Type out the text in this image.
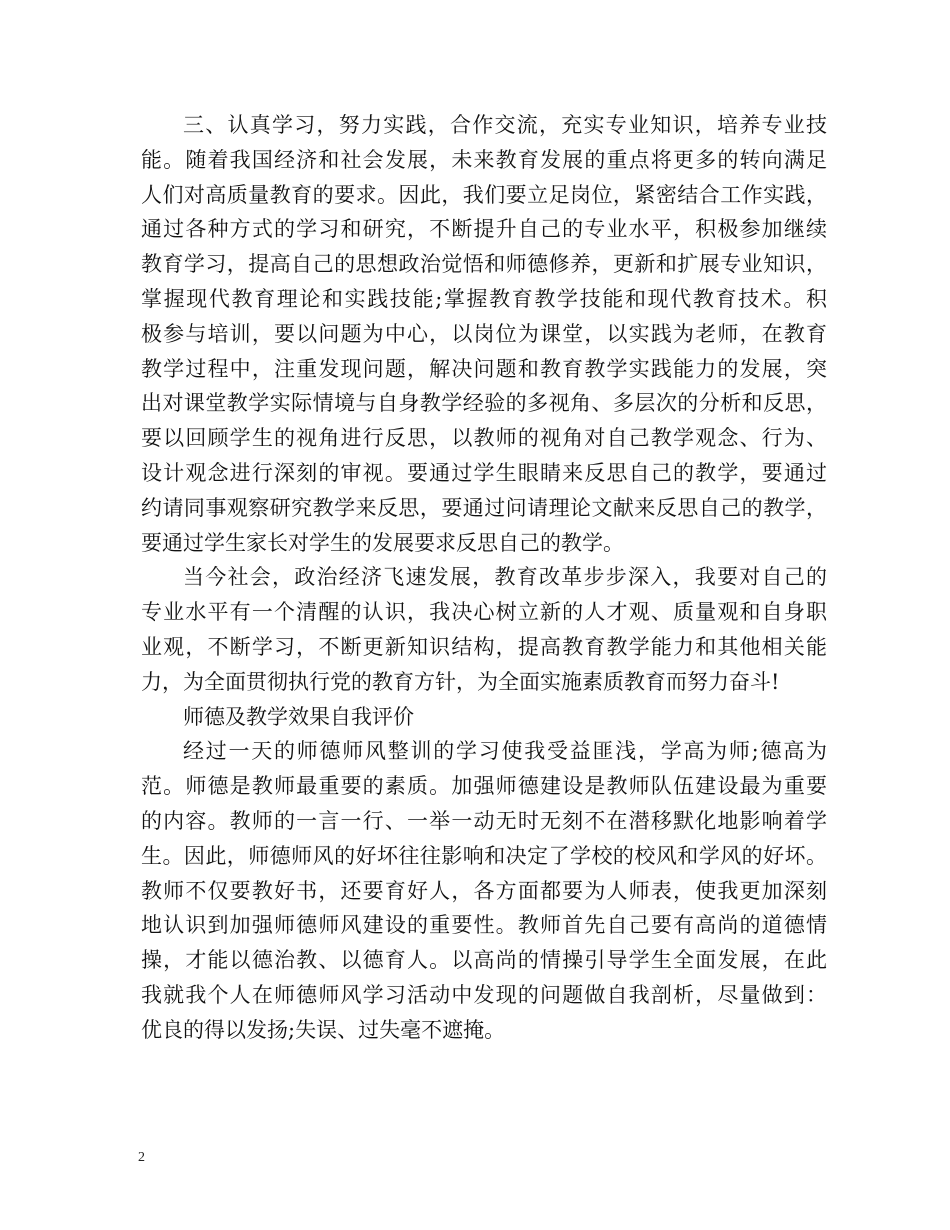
三、认真学习，努力实践，合作交流，充实专业知识，培养专业技
能。随着我国经济和社会发展，未来教育发展的重点将更多的转向满足
人们对高质量教育的要求。因此，我们要立足岗位，紧密结合工作实践，
通过各种方式的学习和研究，不断提升自己的专业水平，积极参加继续
教育学习，提高自己的思想政治觉悟和师德修养，更新和扩展专业知识，
掌握现代教育理论和实践技能;掌握教育教学技能和现代教育技术。积
极参与培训，要以问题为中心，以岗位为课堂，以实践为老师，在教育
教学过程中，注重发现问题，解决问题和教育教学实践能力的发展，突
出对课堂教学实际情境与自身教学经验的多视角、多层次的分析和反思，
要以回顾学生的视角进行反思，以教师的视角对自己教学观念、行为、
设计观念进行深刻的审视。要通过学生眼睛来反思自己的教学，要通过
约请同事观察研究教学来反思，要通过问请理论文献来反思自己的教学，
要通过学生家长对学生的发展要求反思自己的教学。
当今社会，政治经济飞速发展，教育改革步步深入，我要对自己的
专业水平有一个清醒的认识，我决心树立新的人才观、质量观和自身职
业观，不断学习，不断更新知识结构，提高教育教学能力和其他相关能
力，为全面贯彻执行党的教育方针，为全面实施素质教育而努力奋斗!
师德及教学效果自我评价
经过一天的师德师风整训的学习使我受益匪浅，学高为师;德高为
范。师德是教师最重要的素质。加强师德建设是教师队伍建设最为重要
的内容。教师的一言一行、一举一动无时无刻不在潜移默化地影响着学
生。因此，师德师风的好坏往往影响和决定了学校的校风和学风的好坏。
教师不仅要教好书，还要育好人，各方面都要为人师表，使我更加深刻
地认识到加强师德师风建设的重要性。教师首先自己要有高尚的道德情
操，才能以德治教、以德育人。以高尚的情操引导学生全面发展，在此
我就我个人在师德师风学习活动中发现的问题做自我剖析，尽量做到：
优良的得以发扬;失误、过失毫不遮掩。
2
